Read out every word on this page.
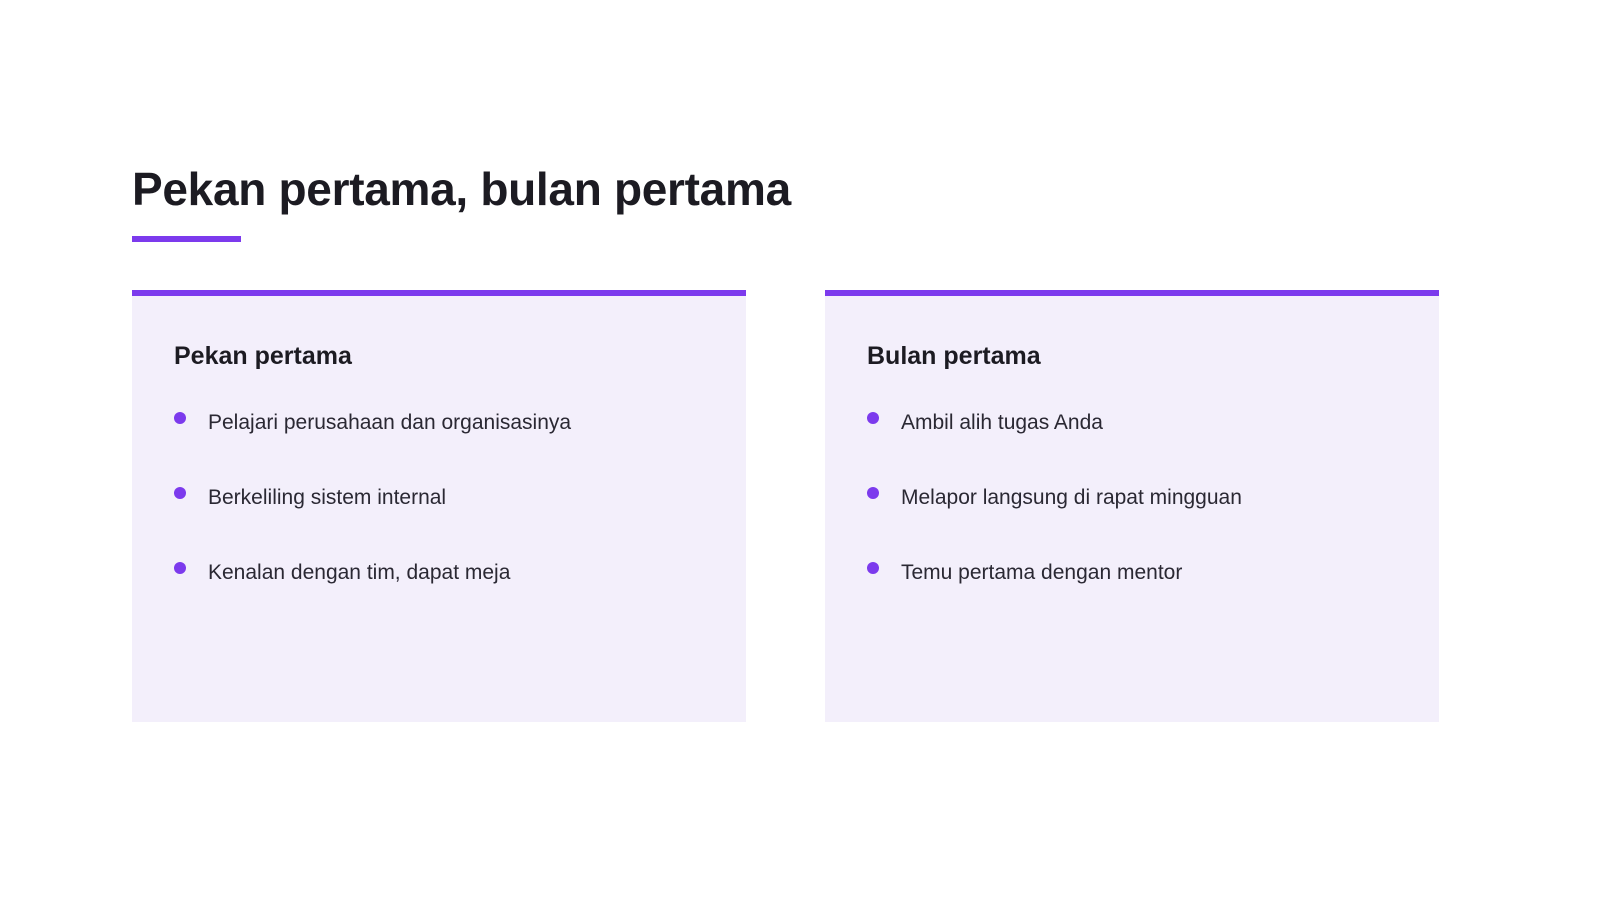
Pekan pertama, bulan pertama
Pekan pertama
Pelajari perusahaan dan organisasinya
Berkeliling sistem internal
Kenalan dengan tim, dapat meja
Bulan pertama
Ambil alih tugas Anda
Melapor langsung di rapat mingguan
Temu pertama dengan mentor
